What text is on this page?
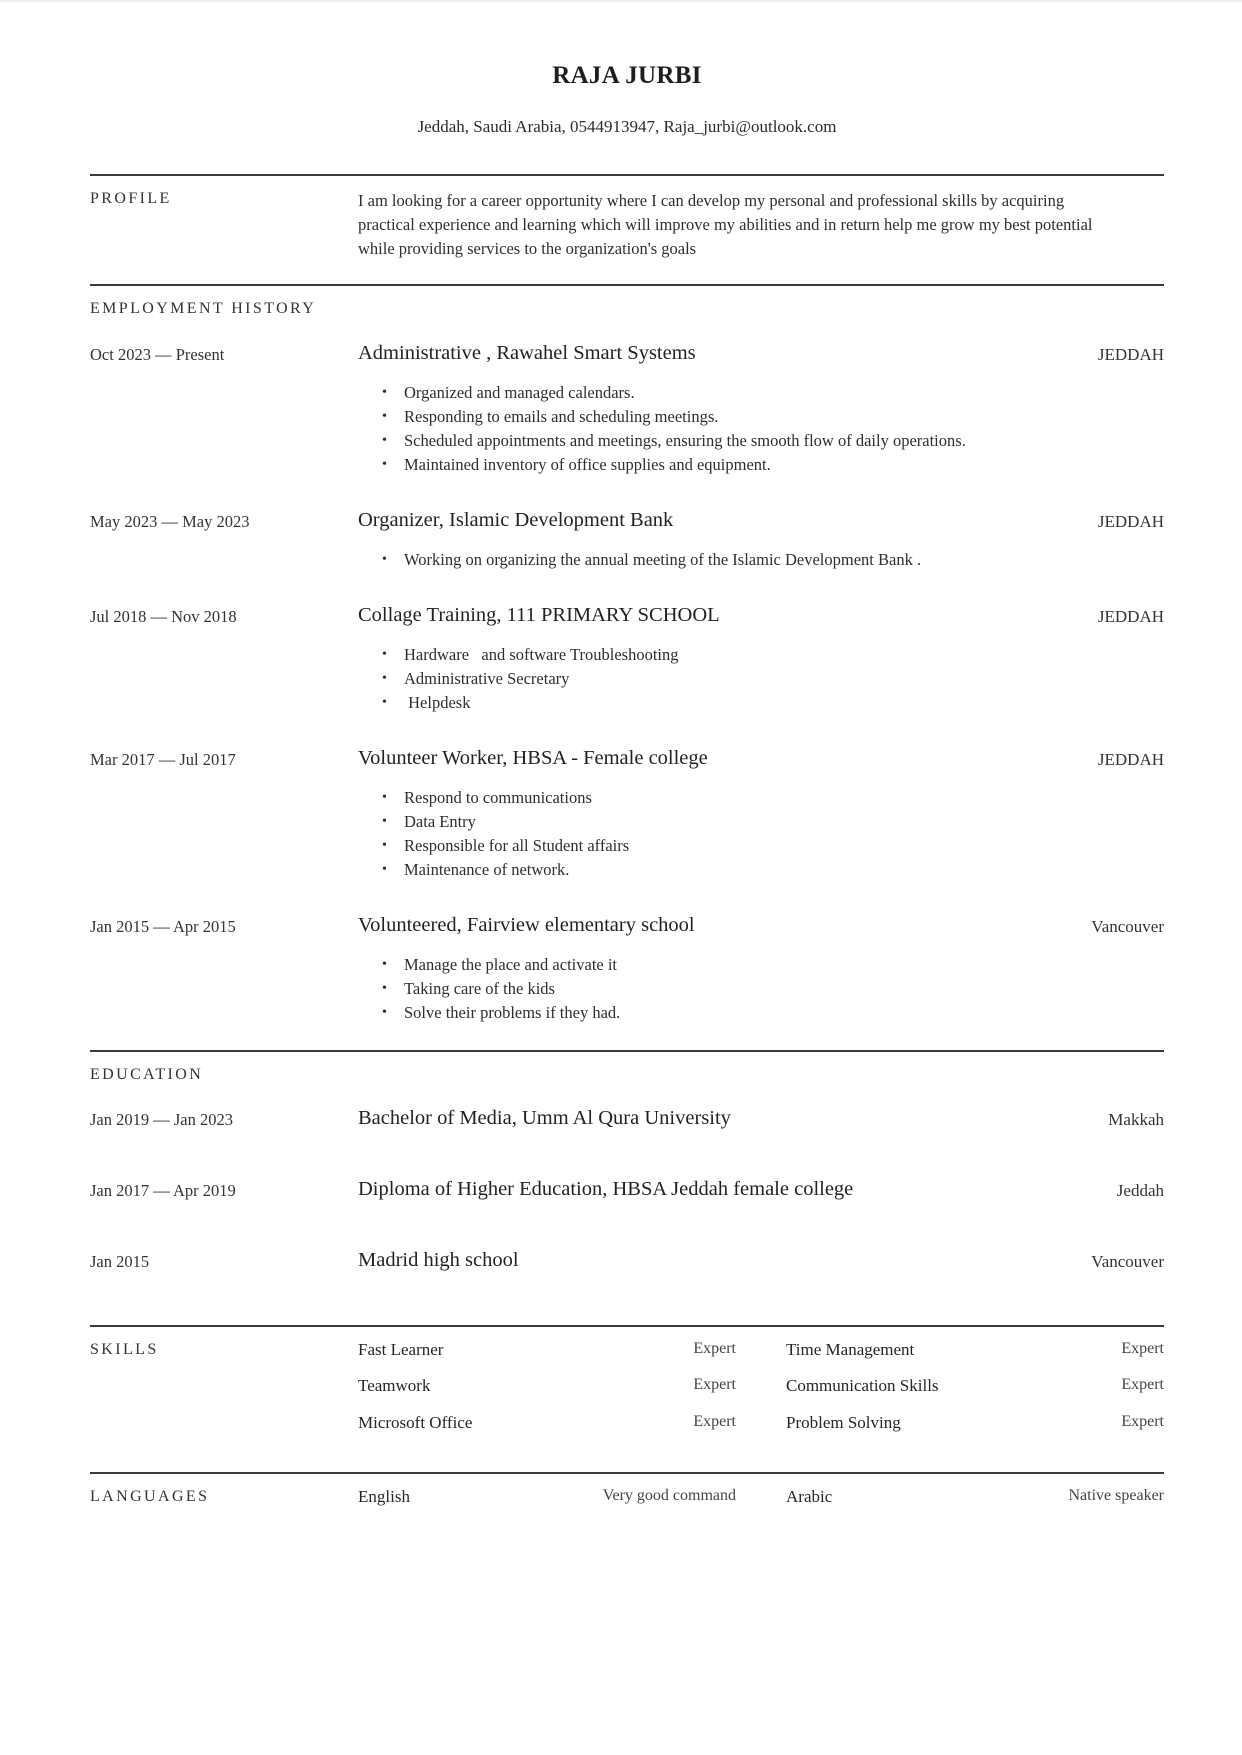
RAJA JURBI
Jeddah, Saudi Arabia, 0544913947, Raja_jurbi@outlook.com
PROFILE	I am looking for a career opportunity where I can develop my personal and professional skills by acquiring
practical experience and learning which will improve my abilities and in return help me grow my best potential
while providing services to the organization's goals
EMPLOYMENT HISTORY
Oct 2023 — Present	Administrative , Rawahel Smart Systems	JEDDAH
• Organized and managed calendars.
• Responding to emails and scheduling meetings.
• Scheduled appointments and meetings, ensuring the smooth flow of daily operations.
• Maintained inventory of office supplies and equipment.
May 2023 — May 2023	Organizer, Islamic Development Bank	JEDDAH
• Working on organizing the annual meeting of the Islamic Development Bank .
Jul 2018 — Nov 2018	Collage Training, 111 PRIMARY SCHOOL	JEDDAH
• Hardware   and software Troubleshooting
• Administrative Secretary
•  Helpdesk
Mar 2017 — Jul 2017	Volunteer Worker, HBSA - Female college	JEDDAH
• Respond to communications
• Data Entry
• Responsible for all Student affairs
• Maintenance of network.
Jan 2015 — Apr 2015	Volunteered, Fairview elementary school	Vancouver
• Manage the place and activate it
• Taking care of the kids
• Solve their problems if they had.
EDUCATION
Jan 2019 — Jan 2023	Bachelor of Media, Umm Al Qura University	Makkah
Jan 2017 — Apr 2019	Diploma of Higher Education, HBSA Jeddah female college	Jeddah
Jan 2015	Madrid high school	Vancouver
SKILLS	Fast Learner	Expert	Time Management	Expert
Teamwork	Expert	Communication Skills	Expert
Microsoft Office	Expert	Problem Solving	Expert
LANGUAGES	English	Very good command	Arabic	Native speaker
